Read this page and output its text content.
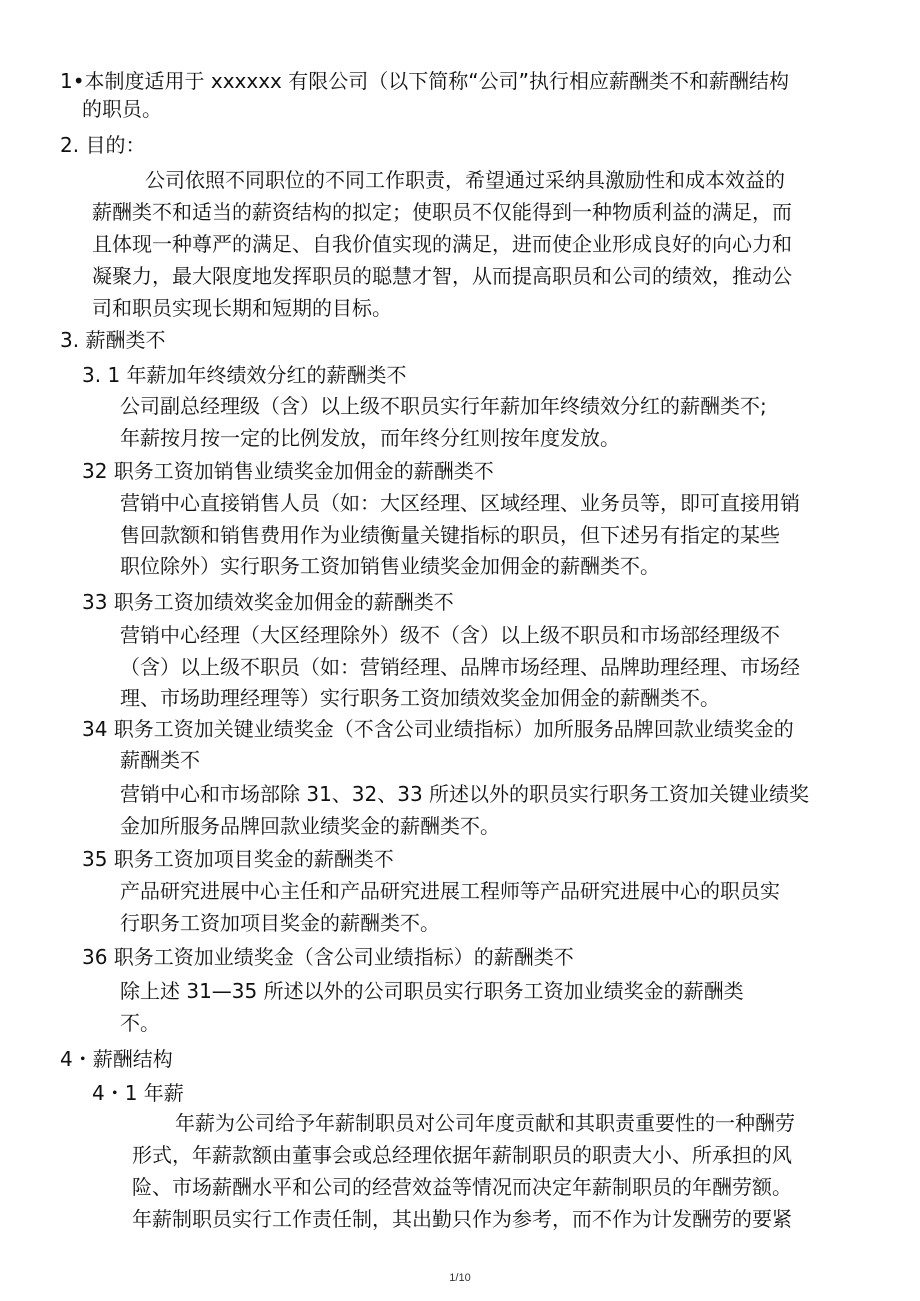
1•本制度适用于 xxxxxx 有限公司（以下简称“公司”执行相应薪酬类不和薪酬结构
的职员。
2. 目的：
公司依照不同职位的不同工作职责，希望通过采纳具激励性和成本效益的
薪酬类不和适当的薪资结构的拟定；使职员不仅能得到一种物质利益的满足，而
且体现一种尊严的满足、自我价值实现的满足，进而使企业形成良好的向心力和
凝聚力，最大限度地发挥职员的聪慧才智，从而提高职员和公司的绩效，推动公
司和职员实现长期和短期的目标。
3. 薪酬类不
3. 1 年薪加年终绩效分红的薪酬类不
公司副总经理级（含）以上级不职员实行年薪加年终绩效分红的薪酬类不;
年薪按月按一定的比例发放，而年终分红则按年度发放。
32 职务工资加销售业绩奖金加佣金的薪酬类不
营销中心直接销售人员（如：大区经理、区域经理、业务员等，即可直接用销
售回款额和销售费用作为业绩衡量关键指标的职员，但下述另有指定的某些
职位除外）实行职务工资加销售业绩奖金加佣金的薪酬类不。
33 职务工资加绩效奖金加佣金的薪酬类不
营销中心经理（大区经理除外）级不（含）以上级不职员和市场部经理级不
（含）以上级不职员（如：营销经理、品牌市场经理、品牌助理经理、市场经
理、市场助理经理等）实行职务工资加绩效奖金加佣金的薪酬类不。
34 职务工资加关键业绩奖金（不含公司业绩指标）加所服务品牌回款业绩奖金的
薪酬类不
营销中心和市场部除 31、32、33 所述以外的职员实行职务工资加关键业绩奖
金加所服务品牌回款业绩奖金的薪酬类不。
35 职务工资加项目奖金的薪酬类不
产品研究进展中心主任和产品研究进展工程师等产品研究进展中心的职员实
行职务工资加项目奖金的薪酬类不。
36 职务工资加业绩奖金（含公司业绩指标）的薪酬类不
除上述 31—35 所述以外的公司职员实行职务工资加业绩奖金的薪酬类
不。
4・薪酬结构
4・1 年薪
年薪为公司给予年薪制职员对公司年度贡献和其职责重要性的一种酬劳
形式，年薪款额由董事会或总经理依据年薪制职员的职责大小、所承担的风
险、市场薪酬水平和公司的经营效益等情况而决定年薪制职员的年酬劳额。
年薪制职员实行工作责任制，其出勤只作为参考，而不作为计发酬劳的要紧
1/10
